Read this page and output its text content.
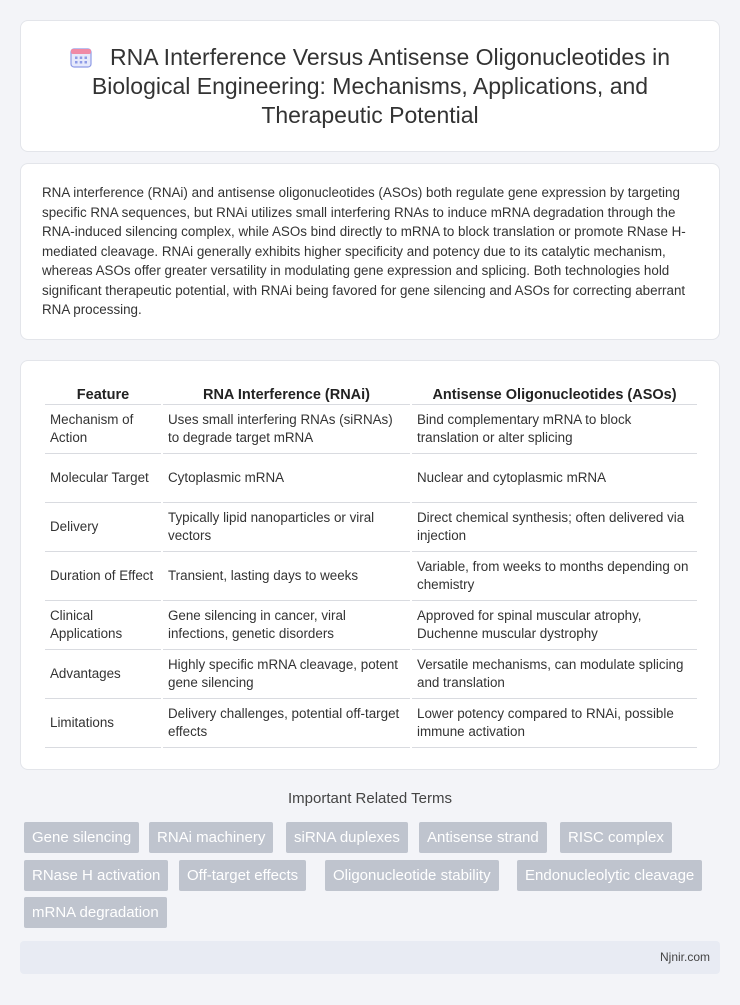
RNA Interference Versus Antisense Oligonucleotides in Biological Engineering: Mechanisms, Applications, and Therapeutic Potential

RNA interference (RNAi) and antisense oligonucleotides (ASOs) both regulate gene expression by targeting specific RNA sequences, but RNAi utilizes small interfering RNAs to induce mRNA degradation through the RNA-induced silencing complex, while ASOs bind directly to mRNA to block translation or promote RNase H-mediated cleavage. RNAi generally exhibits higher specificity and potency due to its catalytic mechanism, whereas ASOs offer greater versatility in modulating gene expression and splicing. Both technologies hold significant therapeutic potential, with RNAi being favored for gene silencing and ASOs for correcting aberrant RNA processing.

Feature	RNA Interference (RNAi)	Antisense Oligonucleotides (ASOs)
Mechanism of Action	Uses small interfering RNAs (siRNAs) to degrade target mRNA	Bind complementary mRNA to block translation or alter splicing
Molecular Target	Cytoplasmic mRNA	Nuclear and cytoplasmic mRNA
Delivery	Typically lipid nanoparticles or viral vectors	Direct chemical synthesis; often delivered via injection
Duration of Effect	Transient, lasting days to weeks	Variable, from weeks to months depending on chemistry
Clinical Applications	Gene silencing in cancer, viral infections, genetic disorders	Approved for spinal muscular atrophy, Duchenne muscular dystrophy
Advantages	Highly specific mRNA cleavage, potent gene silencing	Versatile mechanisms, can modulate splicing and translation
Limitations	Delivery challenges, potential off-target effects	Lower potency compared to RNAi, possible immune activation
Important Related Terms
Gene silencing	RNAi machinery	siRNA duplexes	Antisense strand	RISC complex
RNase H activation	Off-target effects	Oligonucleotide stability	Endonucleolytic cleavage
mRNA degradation
Njnir.com
